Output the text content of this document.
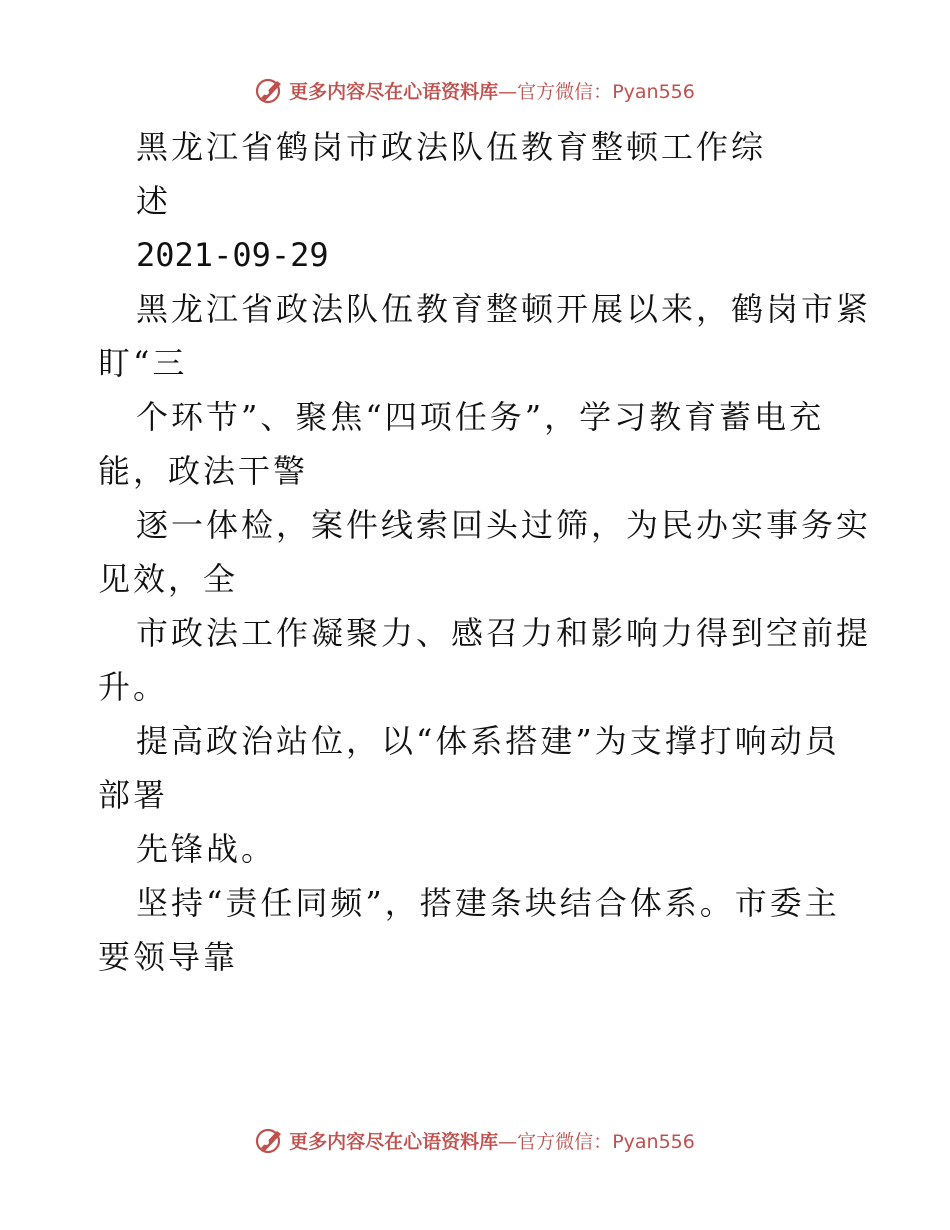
更多内容尽在心语资料库—官方微信：Pyan556
黑龙江省鹤岗市政法队伍教育整顿工作综
述
2021-09-29
黑龙江省政法队伍教育整顿开展以来，鹤岗市紧
盯“三
个环节”、聚焦“四项任务”，学习教育蓄电充
能，政法干警
逐一体检，案件线索回头过筛，为民办实事务实
见效，全
市政法工作凝聚力、感召力和影响力得到空前提
升。
提高政治站位，以“体系搭建”为支撑打响动员
部署
先锋战。
坚持“责任同频”，搭建条块结合体系。市委主
要领导靠
更多内容尽在心语资料库—官方微信：Pyan556
